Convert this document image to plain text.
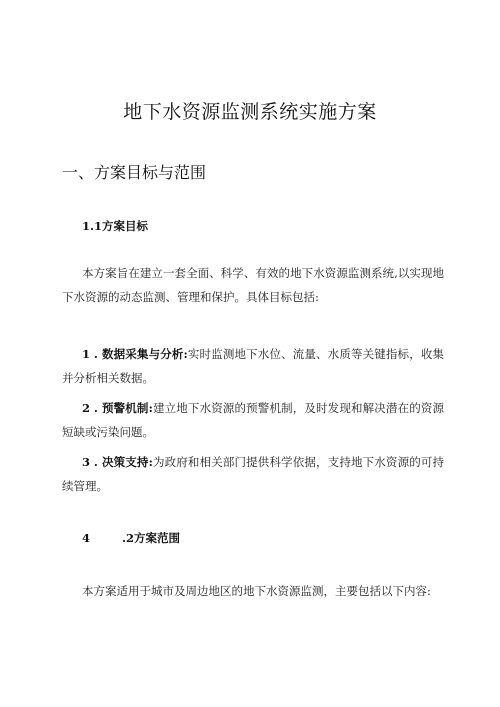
地下水资源监测系统实施方案
一、方案目标与范围
1.1方案目标
本方案旨在建立一套全面、科学、有效的地下水资源监测系统,以实现地下水资源的动态监测、管理和保护。具体目标包括:
1 . 数据采集与分析:实时监测地下水位、流量、水质等关键指标，收集并分析相关数据。
2 . 预警机制:建立地下水资源的预警机制，及时发现和解决潜在的资源短缺或污染问题。
3 . 决策支持:为政府和相关部门提供科学依据，支持地下水资源的可持续管理。
4	.2方案范围
本方案适用于城市及周边地区的地下水资源监测，主要包括以下内容:
